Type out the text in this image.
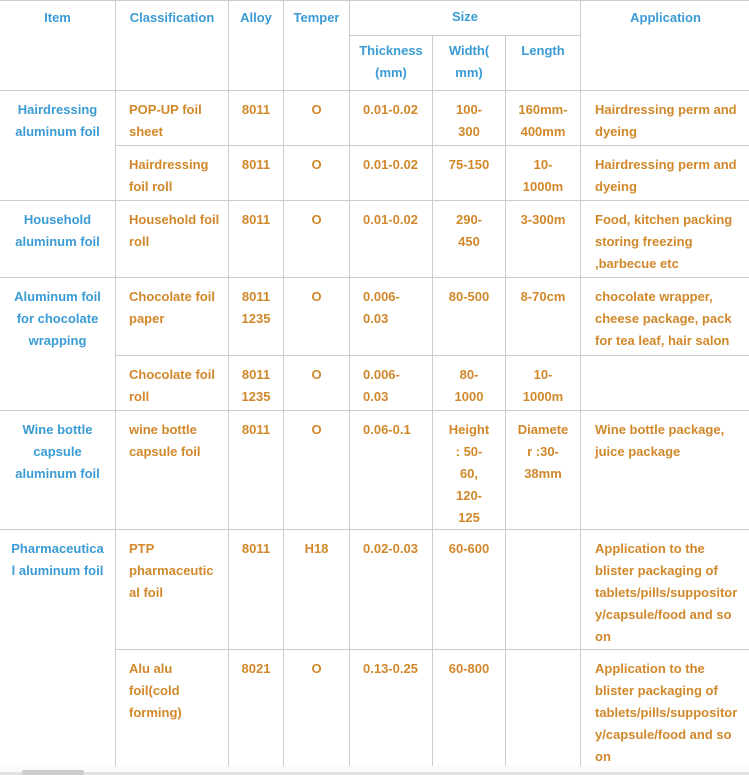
Item	Classification	Alloy	Temper	Size			Application
				Thickness (mm)	Width( mm)	Length	
Hairdressing aluminum foil	POP-UP foil sheet	8011	O	0.01-0.02	100-300	160mm-400mm	Hairdressing perm and dyeing
	Hairdressing foil roll	8011	O	0.01-0.02	75-150	10-1000m	Hairdressing perm and dyeing
Household aluminum foil	Household foil roll	8011	O	0.01-0.02	290-450	3-300m	Food, kitchen packing storing freezing ,barbecue etc
Aluminum foil for chocolate wrapping	Chocolate foil paper	8011 1235	O	0.006-0.03	80-500	8-70cm	chocolate wrapper, cheese package, pack for tea leaf, hair salon
	Chocolate foil roll	8011 1235	O	0.006-0.03	80-1000	10-1000m	
Wine bottle capsule aluminum foil	wine bottle capsule foil	8011	O	0.06-0.1	Height : 50-60, 120-125	Diameter :30-38mm	Wine bottle package, juice package
Pharmaceutical aluminum foil	PTP pharmaceutical foil	8011	H18	0.02-0.03	60-600		Application to the blister packaging of tablets/pills/suppository/capsule/food and so on
	Alu alu foil(cold forming)	8021	O	0.13-0.25	60-800		Application to the blister packaging of tablets/pills/suppository/capsule/food and so on
